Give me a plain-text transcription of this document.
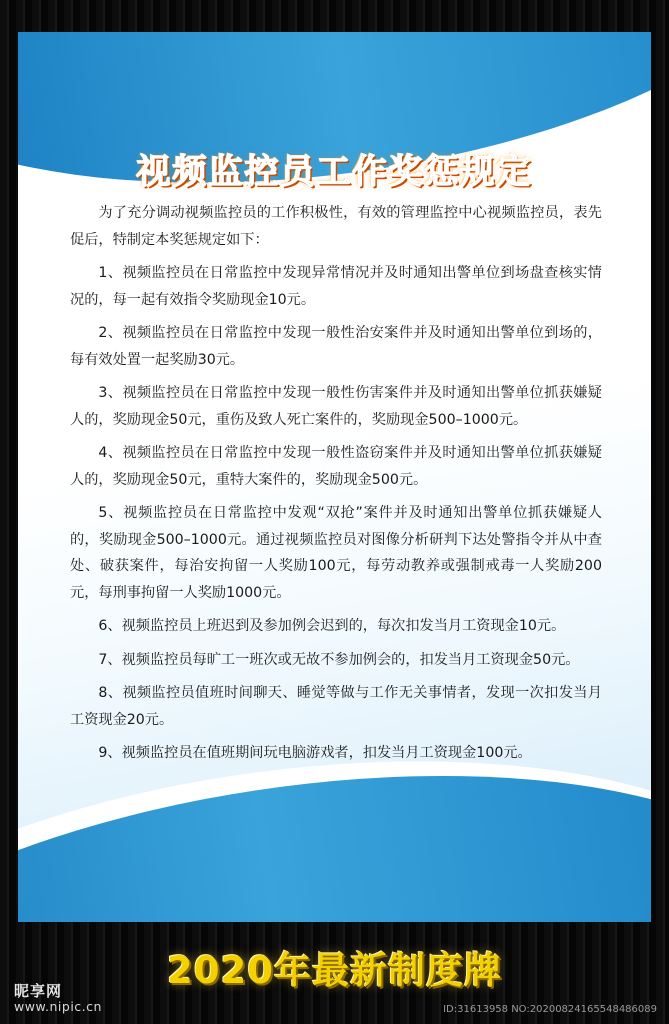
视频监控员工作奖惩规定

为了充分调动视频监控员的工作积极性，有效的管理监控中心视频监控员，表先促后，特制定本奖惩规定如下：

1、视频监控员在日常监控中发现异常情况并及时通知出警单位到场盘查核实情况的，每一起有效指令奖励现金10元。

2、视频监控员在日常监控中发现一般性治安案件并及时通知出警单位到场的，每有效处置一起奖励30元。

3、视频监控员在日常监控中发现一般性伤害案件并及时通知出警单位抓获嫌疑人的，奖励现金50元，重伤及致人死亡案件的，奖励现金500–1000元。

4、视频监控员在日常监控中发现一般性盗窃案件并及时通知出警单位抓获嫌疑人的，奖励现金50元，重特大案件的，奖励现金500元。

5、视频监控员在日常监控中发观“双抢”案件并及时通知出警单位抓获嫌疑人的，奖励现金500–1000元。通过视频监控员对图像分析研判下达处警指令并从中查处、破获案件，每治安拘留一人奖励100元，每劳动教养或强制戒毒一人奖励200元，每刑事拘留一人奖励1000元。

6、视频监控员上班迟到及参加例会迟到的，每次扣发当月工资现金10元。

7、视频监控员每旷工一班次或无故不参加例会的，扣发当月工资现金50元。

8、视频监控员值班时间聊天、睡觉等做与工作无关事情者，发现一次扣发当月工资现金20元。

9、视频监控员在值班期间玩电脑游戏者，扣发当月工资现金100元。

2020年最新制度牌
昵享网
www.nipic.cn	ID:31613958 NO:20200824165548486089
